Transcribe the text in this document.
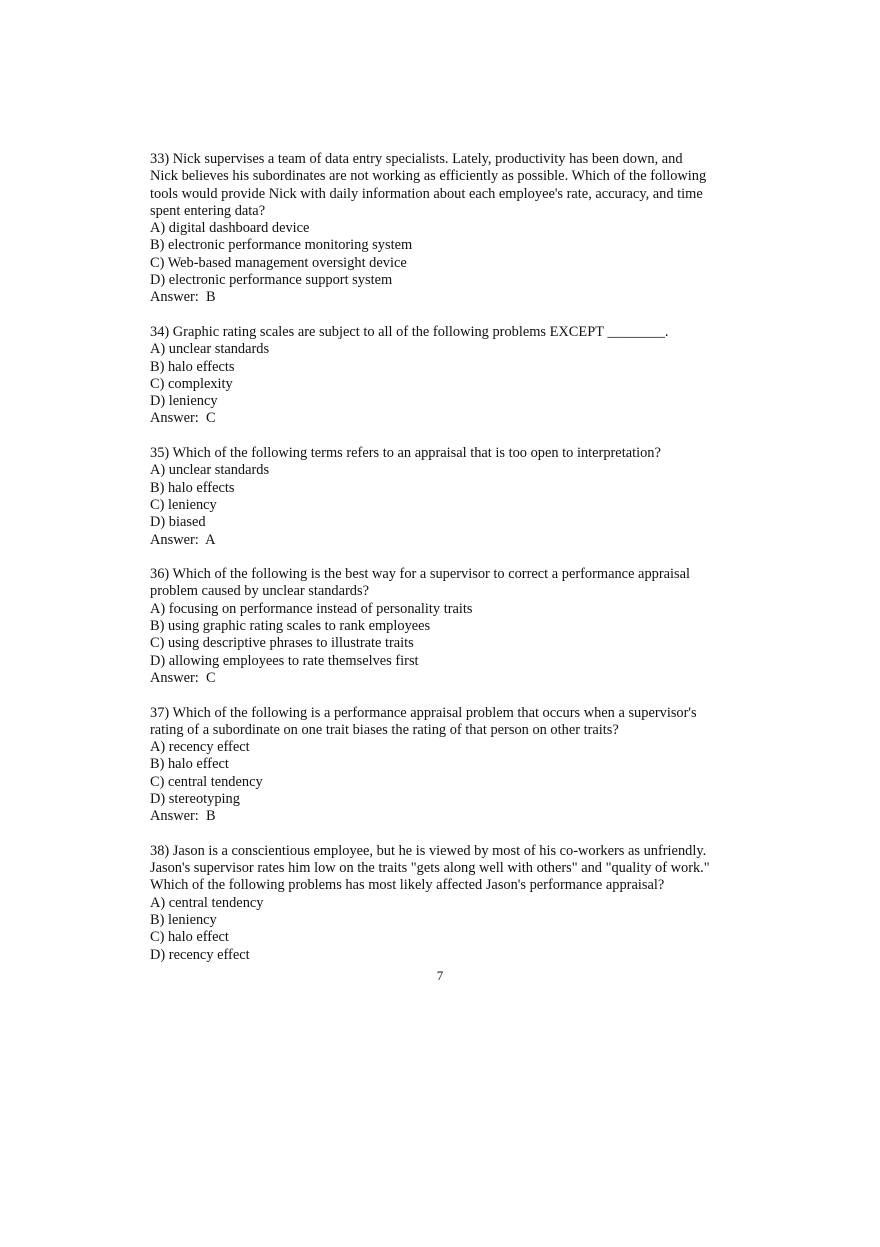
33) Nick supervises a team of data entry specialists. Lately, productivity has been down, and
Nick believes his subordinates are not working as efficiently as possible. Which of the following
tools would provide Nick with daily information about each employee's rate, accuracy, and time
spent entering data?
A) digital dashboard device
B) electronic performance monitoring system
C) Web-based management oversight device
D) electronic performance support system
Answer:  B
34) Graphic rating scales are subject to all of the following problems EXCEPT ________.
A) unclear standards
B) halo effects
C) complexity
D) leniency
Answer:  C
35) Which of the following terms refers to an appraisal that is too open to interpretation?
A) unclear standards
B) halo effects
C) leniency
D) biased
Answer:  A
36) Which of the following is the best way for a supervisor to correct a performance appraisal
problem caused by unclear standards?
A) focusing on performance instead of personality traits
B) using graphic rating scales to rank employees
C) using descriptive phrases to illustrate traits
D) allowing employees to rate themselves first
Answer:  C
37) Which of the following is a performance appraisal problem that occurs when a supervisor's
rating of a subordinate on one trait biases the rating of that person on other traits?
A) recency effect
B) halo effect
C) central tendency
D) stereotyping
Answer:  B
38) Jason is a conscientious employee, but he is viewed by most of his co-workers as unfriendly.
Jason's supervisor rates him low on the traits "gets along well with others" and "quality of work."
Which of the following problems has most likely affected Jason's performance appraisal?
A) central tendency
B) leniency
C) halo effect
D) recency effect
7
